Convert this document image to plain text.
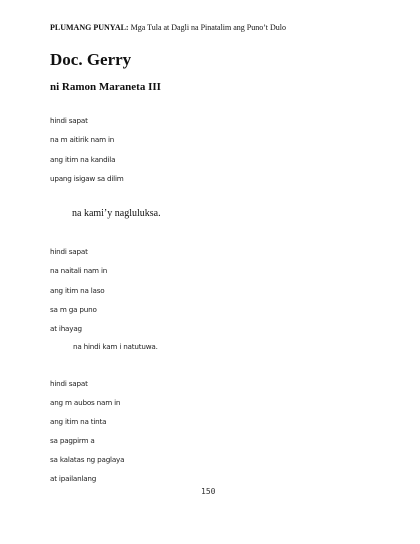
PLUMANG PUNYAL: Mga Tula at Dagli na Pinatalim ang Puno’t Dulo
Doc. Gerry
ni Ramon Maraneta III
hindi sapat
na m aitirik nam in
ang itim na kandila
upang isigaw sa dilim
na kami’y nagluluksa.
hindi sapat
na naitali nam in
ang itim na laso
sa m ga puno
at ihayag
na hindi kam i natutuwa.
hindi sapat
ang m aubos nam in
ang itim na tinta
sa pagpirm a
sa kalatas ng paglaya
at ipailanlang
150
